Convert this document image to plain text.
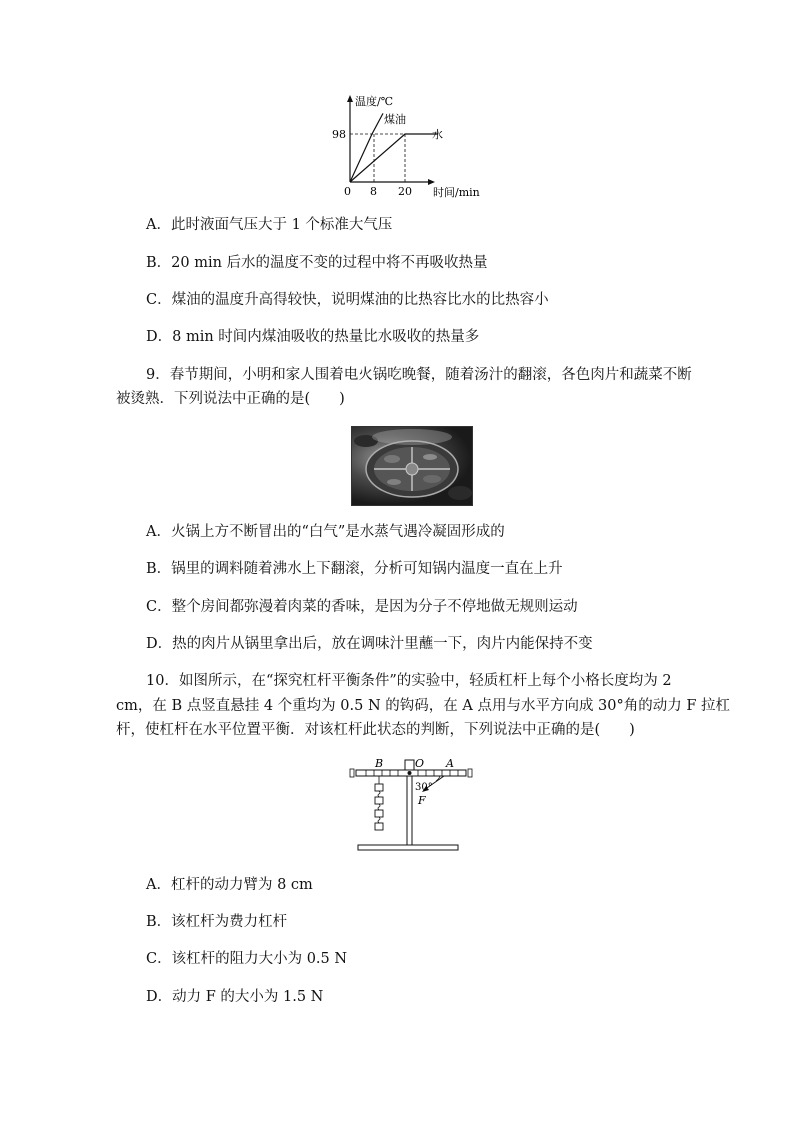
温度/℃
时间/min
0
98
8 20
煤油
水
A．此时液面气压大于 1 个标准大气压
B．20 min 后水的温度不变的过程中将不再吸收热量
C．煤油的温度升高得较快，说明煤油的比热容比水的比热容小
D．8 min 时间内煤油吸收的热量比水吸收的热量多
9．春节期间，小明和家人围着电火锅吃晚餐，随着汤汁的翻滚，各色肉片和蔬菜不断
被烫熟．下列说法中正确的是(　　)
A．火锅上方不断冒出的“白气”是水蒸气遇冷凝固形成的
B．锅里的调料随着沸水上下翻滚，分析可知锅内温度一直在上升
C．整个房间都弥漫着肉菜的香味，是因为分子不停地做无规则运动
D．热的肉片从锅里拿出后，放在调味汁里蘸一下，肉片内能保持不变
10．如图所示，在“探究杠杆平衡条件”的实验中，轻质杠杆上每个小格长度均为 2
cm，在 B 点竖直悬挂 4 个重均为 0.5 N 的钩码，在 A 点用与水平方向成 30°角的动力 F 拉杠
杆，使杠杆在水平位置平衡．对该杠杆此状态的判断，下列说法中正确的是(　　)
B	O A
30°
F
A．杠杆的动力臂为 8 cm
B．该杠杆为费力杠杆
C．该杠杆的阻力大小为 0.5 N
D．动力 F 的大小为 1.5 N
